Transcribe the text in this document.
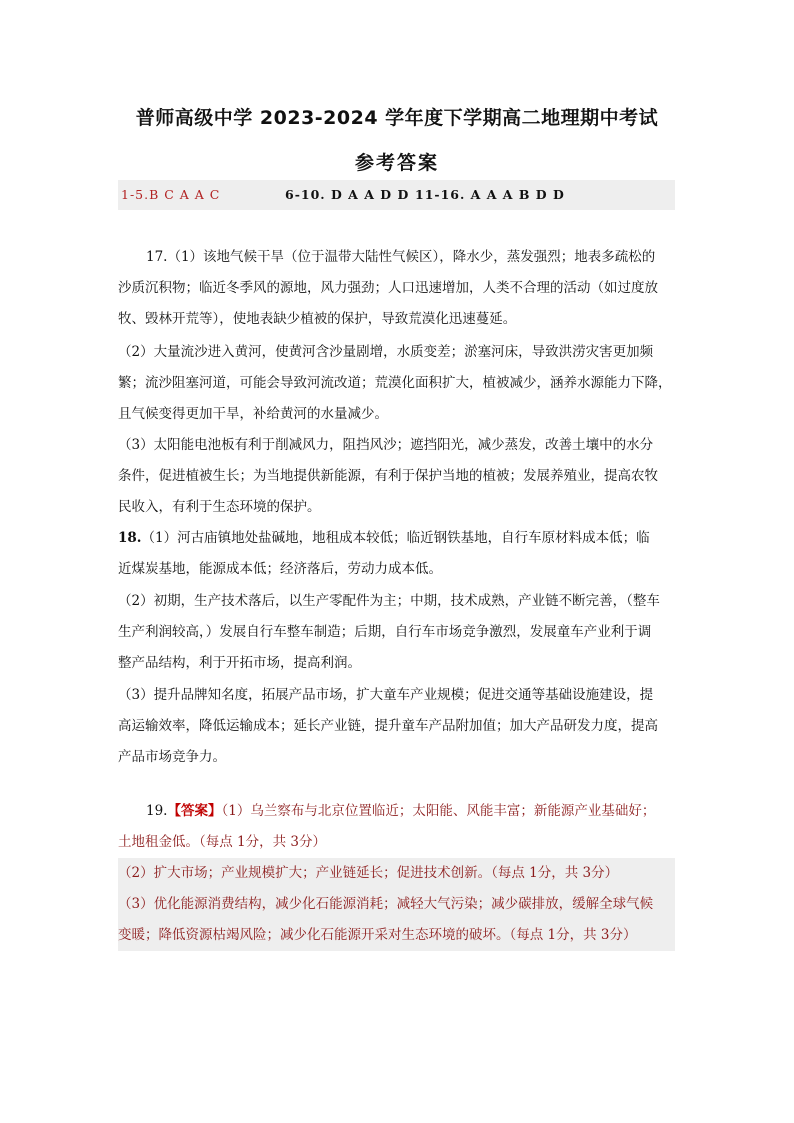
普师高级中学 2023-2024 学年度下学期高二地理期中考试
参考答案
1-5.B C A A C	6-10. D A A D D 11-16. A A A B D D
17.（1）该地气候干旱（位于温带大陆性气候区），降水少，蒸发强烈；地表多疏松的
沙质沉积物；临近冬季风的源地，风力强劲；人口迅速增加，人类不合理的活动（如过度放
牧、毁林开荒等），使地表缺少植被的保护，导致荒漠化迅速蔓延。
（2）大量流沙进入黄河，使黄河含沙量剧增，水质变差；淤塞河床，导致洪涝灾害更加频
繁；流沙阻塞河道，可能会导致河流改道；荒漠化面积扩大，植被减少，涵养水源能力下降，
且气候变得更加干旱，补给黄河的水量减少。
（3）太阳能电池板有利于削减风力，阻挡风沙；遮挡阳光，减少蒸发，改善土壤中的水分
条件，促进植被生长；为当地提供新能源，有利于保护当地的植被；发展养殖业，提高农牧
民收入，有利于生态环境的保护。
18.（1）河古庙镇地处盐碱地，地租成本较低；临近钢铁基地，自行车原材料成本低；临
近煤炭基地，能源成本低；经济落后，劳动力成本低。
（2）初期，生产技术落后，以生产零配件为主；中期，技术成熟，产业链不断完善，（整车
生产利润较高，）发展自行车整车制造；后期，自行车市场竞争激烈，发展童车产业利于调
整产品结构，利于开拓市场，提高利润。
（3）提升品牌知名度，拓展产品市场，扩大童车产业规模；促进交通等基础设施建设，提
高运输效率，降低运输成本；延长产业链，提升童车产品附加值；加大产品研发力度，提高
产品市场竞争力。
19.【答案】（1）乌兰察布与北京位置临近；太阳能、风能丰富；新能源产业基础好；
土地租金低。（每点 1分，共 3分）
（2）扩大市场；产业规模扩大；产业链延长；促进技术创新。（每点 1分，共 3分）
（3）优化能源消费结构，减少化石能源消耗；减轻大气污染；减少碳排放，缓解全球气候
变暖；降低资源枯竭风险；减少化石能源开采对生态环境的破坏。（每点 1分，共 3分）
